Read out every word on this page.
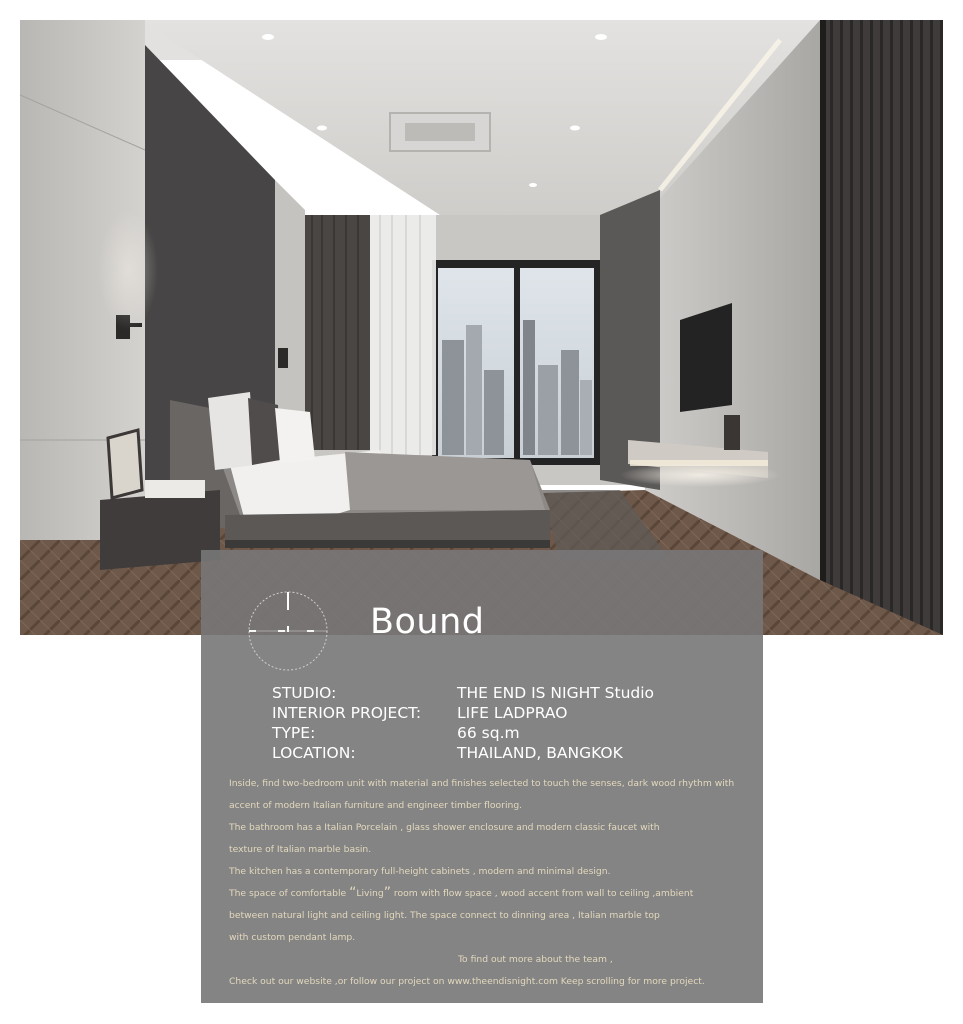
Bound
STUDIO:	THE END IS NIGHT Studio
INTERIOR PROJECT: LIFE LADPRAO
TYPE:	66 sq.m
LOCATION:	THAILAND, BANGKOK
Inside, find two-bedroom unit with material and finishes selected to touch the senses, dark wood rhythm with
accent of modern Italian furniture and engineer timber flooring.
The bathroom has a Italian Porcelain , glass shower enclosure and modern classic faucet with
texture of Italian marble basin.
The kitchen has a contemporary full-height cabinets , modern and minimal design.
The space of comfortable “Living” room with flow space , wood accent from wall to ceiling ,ambient
between natural light and ceiling light. The space connect to dinning area , Italian marble top
with custom pendant lamp.
To find out more about the team ,
Check out our website ,or follow our project on www.theendisnight.com Keep scrolling for more project.
